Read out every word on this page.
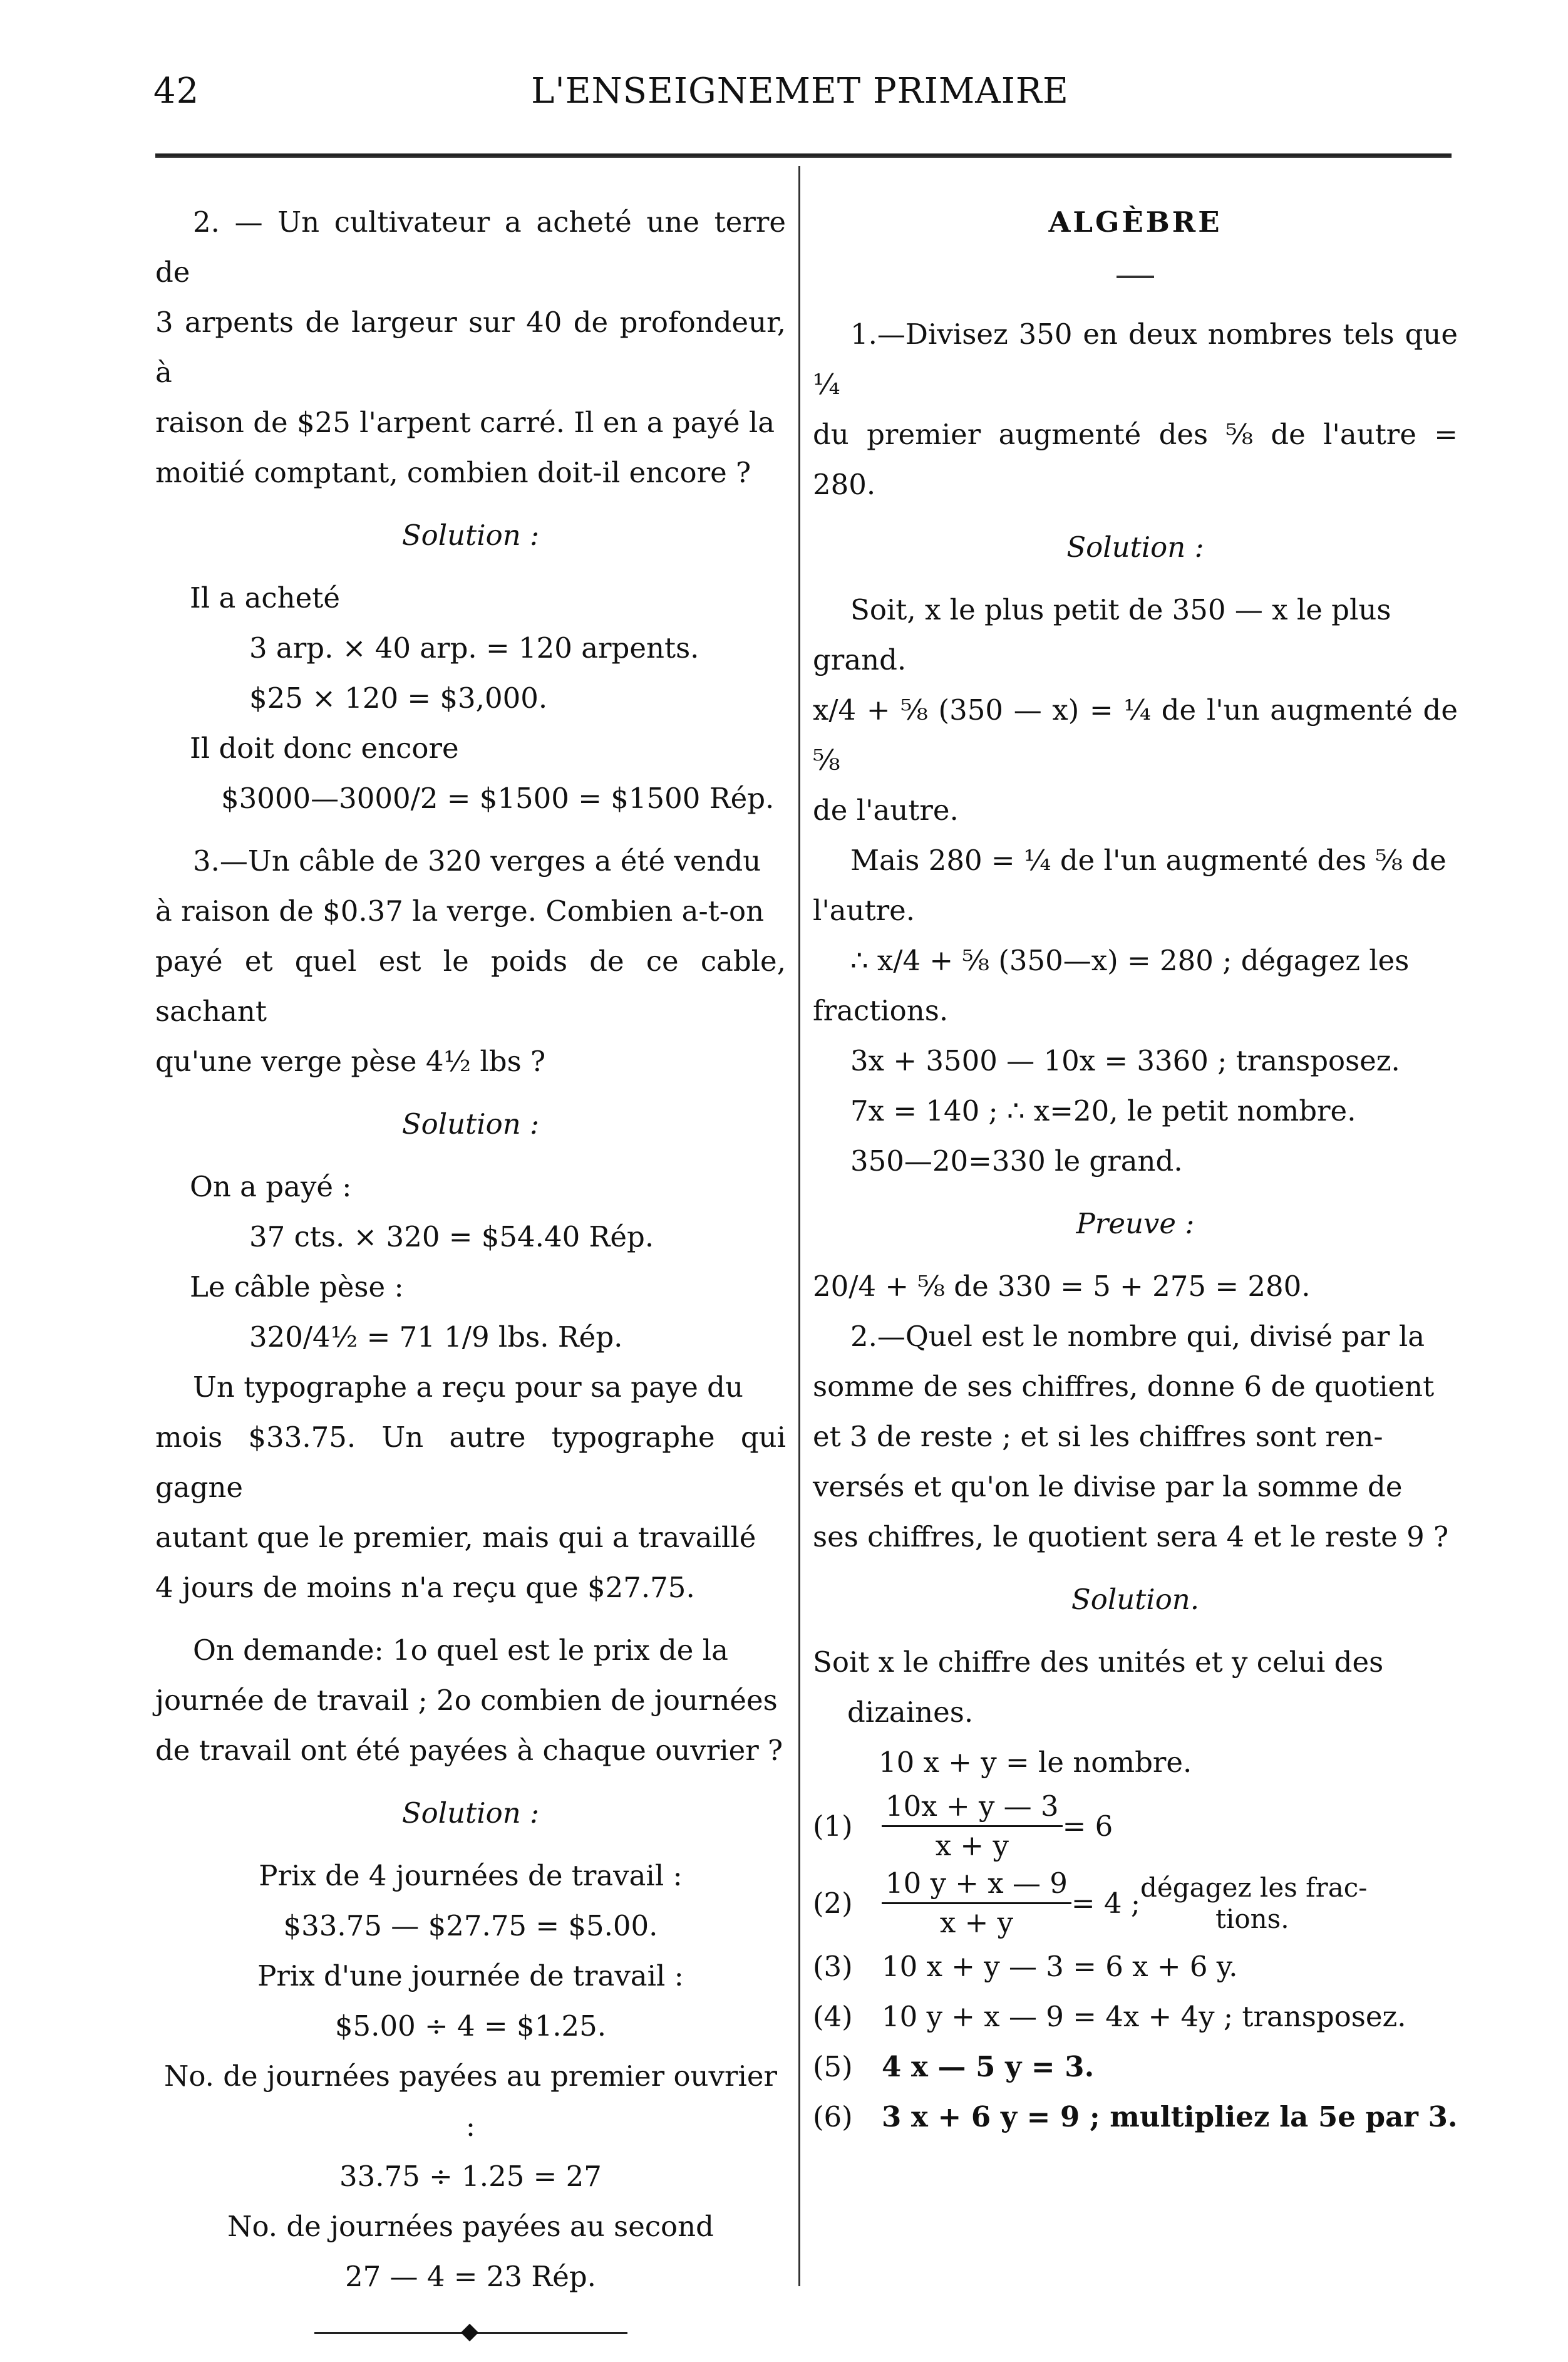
42	L'ENSEIGNEMET PRIMAIRE

2. — Un cultivateur a acheté une terre de

3 arpents de largeur sur 40 de profondeur, à

raison de $25 l'arpent carré. Il en a payé la

moitié comptant, combien doit-il encore ?

Solution :

Il a acheté

3 arp. × 40 arp. = 120 arpents.

$25 × 120 = $3,000.

Il doit donc encore

$3000—3000/2 = $1500 = $1500 Rép.

3.—Un câble de 320 verges a été vendu

à raison de $0.37 la verge. Combien a-t-on

payé et quel est le poids de ce cable, sachant

qu'une verge pèse 4½ lbs ?

Solution :

On a payé :

37 cts. × 320 = $54.40 Rép.

Le câble pèse :

320/4½ = 71 1/9 lbs. Rép.

Un typographe a reçu pour sa paye du

mois $33.75. Un autre typographe qui gagne

autant que le premier, mais qui a travaillé

4 jours de moins n'a reçu que $27.75.

On demande: 1o quel est le prix de la

journée de travail ; 2o combien de journées

de travail ont été payées à chaque ouvrier ?

Solution :

Prix de 4 journées de travail :

$33.75 — $27.75 = $5.00.

Prix d'une journée de travail :

$5.00 ÷ 4 = $1.25.

No. de journées payées au premier ouvrier :

33.75 ÷ 1.25 = 27

No. de journées payées au second

27 — 4 = 23 Rép.

ALGÈBRE

1.—Divisez 350 en deux nombres tels que ¼

du premier augmenté des ⅝ de l'autre = 280.

Solution :

Soit, x le plus petit de 350 — x le plus

grand.

x/4 + ⅝ (350 — x) = ¼ de l'un augmenté de ⅝

de l'autre.

Mais 280 = ¼ de l'un augmenté des ⅝ de

l'autre.

∴ x/4 + ⅝ (350—x) = 280 ; dégagez les

fractions.

3x + 3500 — 10x = 3360 ; transposez.

7x = 140 ; ∴ x=20, le petit nombre.

350—20=330 le grand.

Preuve :

20/4 + ⅝ de 330 = 5 + 275 = 280.

2.—Quel est le nombre qui, divisé par la

somme de ses chiffres, donne 6 de quotient

et 3 de reste ; et si les chiffres sont ren-

versés et qu'on le divise par la somme de

ses chiffres, le quotient sera 4 et le reste 9 ?

Solution.

Soit x le chiffre des unités et y celui des

dizaines.

10 x + y = le nombre.

(1)	$\frac{10x + y — 3}{x + y} = 6$
(2)	$\frac{10 y + x — 9}{x + y} = 4$ ; dégagez les frac-
tions.
(3)	10 x + y — 3 = 6 x + 6 y.
(4)	10 y + x — 9 = 4x + 4y ; transposez.
(5)	4 x — 5 y = 3.
(6)	3 x + 6 y = 9 ; multipliez la 5e par 3.
